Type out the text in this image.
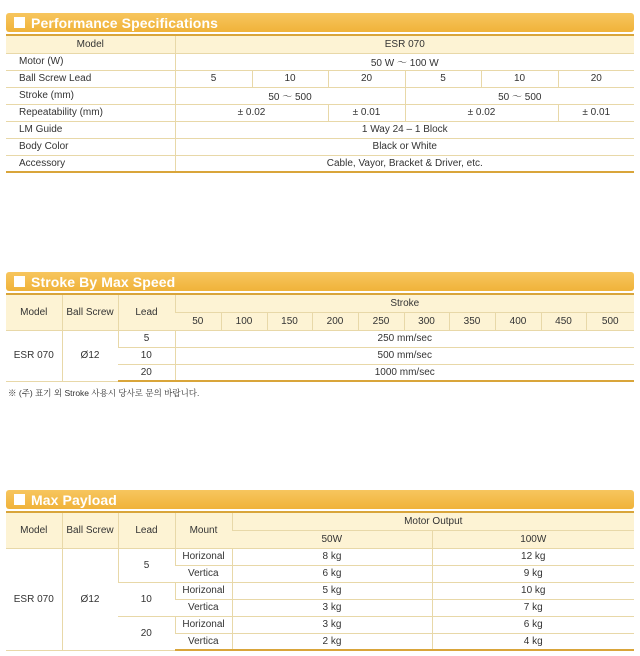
Performance Specifications
Model	ESR 070					
Motor (W)	50 W ～ 100 W					
Ball Screw Lead	5	10	20	5	10	20
Stroke (mm)	50 ～ 500			50 ～ 500		
Repeatability (mm)	± 0.02		± 0.01	± 0.02		± 0.01
LM Guide	1 Way 24 – 1 Block					
Body Color	Black or White					
Accessory	Cable, Vayor, Bracket & Driver, etc.					
Stroke By Max Speed
Model	Ball Screw	Lead	Stroke									
			50	100	150	200	250	300	350	400	450	500
ESR 070	Ø12	5	250 mm/sec									
		10	500 mm/sec									
		20	1000 mm/sec									
※ (주) 표기 외 Stroke 사용시 당사로 문의 바랍니다.
Max Payload
Model	Ball Screw	Lead	Mount	Motor Output	
				50W	100W
ESR 070	Ø12	5	Horizonal	8 kg	12 kg
			Vertica	6 kg	9 kg
		10	Horizonal	5 kg	10 kg
			Vertica	3 kg	7 kg
		20	Horizonal	3 kg	6 kg
			Vertica	2 kg	4 kg
